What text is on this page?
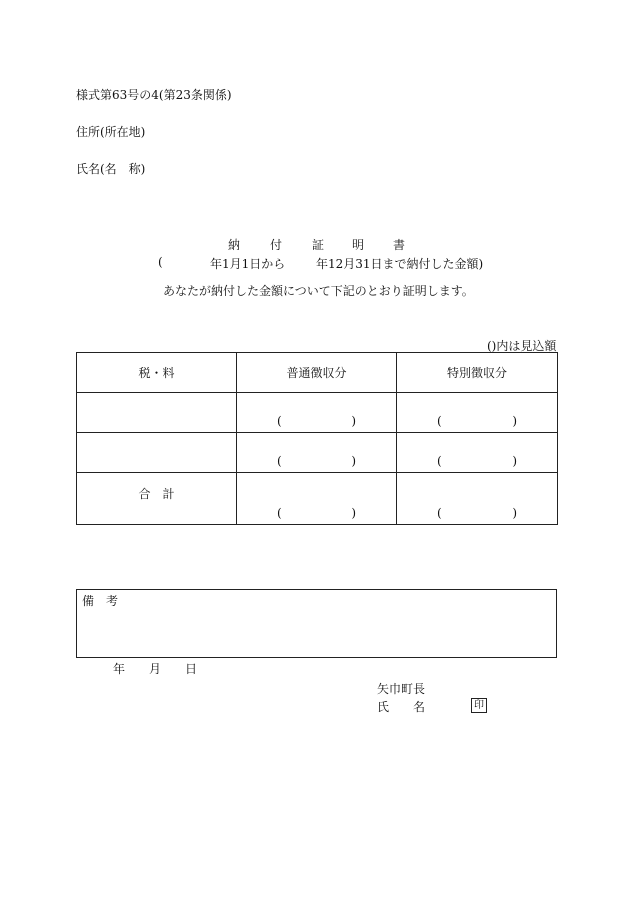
様式第63号の4(第23条関係)
住所(所在地)
氏名(名　称)
納 付 証 明 書
(	年1月1日から	年12月31日まで納付した金額)
あなたが納付した金額について下記のとおり証明します。
()内は見込額
税・料	普通徴収分	特別徴収分

	( )	( )

	( )	( )

合　計	( )	( )
備　考
年 月 日
矢巾町長
氏　　名	印
